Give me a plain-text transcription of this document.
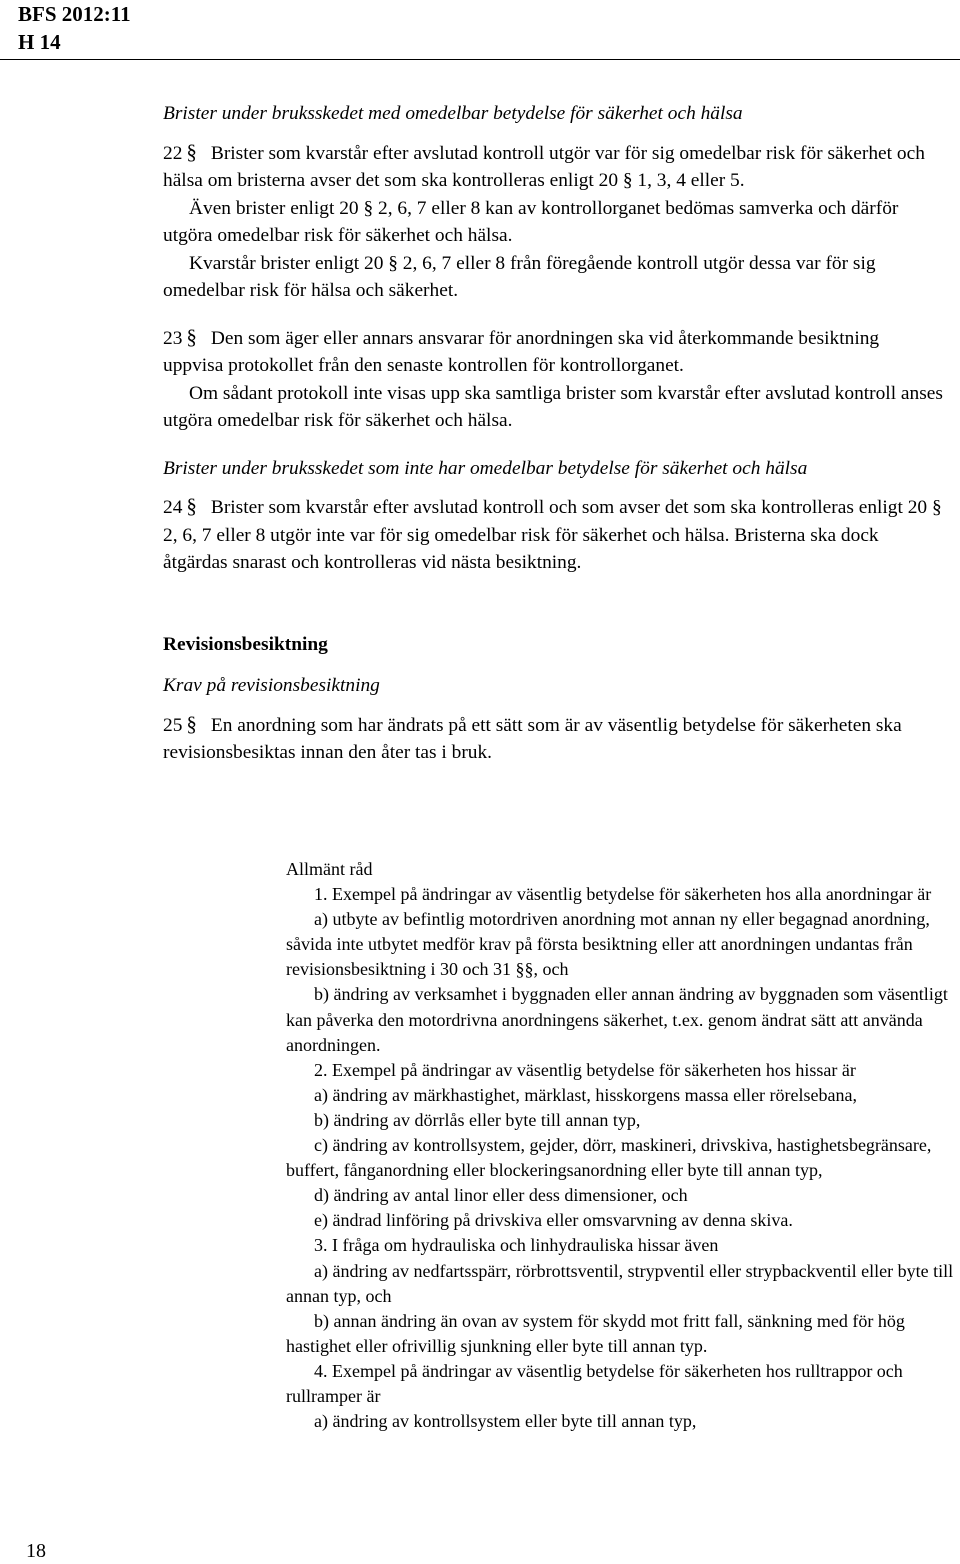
BFS 2012:11
H 14

Brister under bruksskedet med omedelbar betydelse för säkerhet och hälsa

22 § Brister som kvarstår efter avslutad kontroll utgör var för sig omedelbar risk för säkerhet och hälsa om bristerna avser det som ska kontrolleras enligt 20 § 1, 3, 4 eller 5.

Även brister enligt 20 § 2, 6, 7 eller 8 kan av kontrollorganet bedömas samverka och därför utgöra omedelbar risk för säkerhet och hälsa.

Kvarstår brister enligt 20 § 2, 6, 7 eller 8 från föregående kontroll utgör dessa var för sig omedelbar risk för hälsa och säkerhet.

23 § Den som äger eller annars ansvarar för anordningen ska vid återkommande besiktning uppvisa protokollet från den senaste kontrollen för kontrollorganet.

Om sådant protokoll inte visas upp ska samtliga brister som kvarstår efter avslutad kontroll anses utgöra omedelbar risk för säkerhet och hälsa.

Brister under bruksskedet som inte har omedelbar betydelse för säkerhet och hälsa

24 § Brister som kvarstår efter avslutad kontroll och som avser det som ska kontrolleras enligt 20 § 2, 6, 7 eller 8 utgör inte var för sig omedelbar risk för säkerhet och hälsa. Bristerna ska dock åtgärdas snarast och kontrolleras vid nästa besiktning.

Revisionsbesiktning

Krav på revisionsbesiktning

25 § En anordning som har ändrats på ett sätt som är av väsentlig betydelse för säkerheten ska revisionsbesiktas innan den åter tas i bruk.

Allmänt råd

1. Exempel på ändringar av väsentlig betydelse för säkerheten hos alla anordningar är

a) utbyte av befintlig motordriven anordning mot annan ny eller begagnad anordning, såvida inte utbytet medför krav på första besiktning eller att anordningen undantas från revisionsbesiktning i 30 och 31 §§, och

b) ändring av verksamhet i byggnaden eller annan ändring av byggnaden som väsentligt kan påverka den motordrivna anordningens säkerhet, t.ex. genom ändrat sätt att använda anordningen.

2. Exempel på ändringar av väsentlig betydelse för säkerheten hos hissar är

a) ändring av märkhastighet, märklast, hisskorgens massa eller rörelsebana,

b) ändring av dörrlås eller byte till annan typ,

c) ändring av kontrollsystem, gejder, dörr, maskineri, drivskiva, hastighetsbegränsare, buffert, fånganordning eller blockeringsanordning eller byte till annan typ,

d) ändring av antal linor eller dess dimensioner, och

e) ändrad linföring på drivskiva eller omsvarvning av denna skiva.

3. I fråga om hydrauliska och linhydrauliska hissar även

a) ändring av nedfartsspärr, rörbrottsventil, strypventil eller strypbackventil eller byte till annan typ, och

b) annan ändring än ovan av system för skydd mot fritt fall, sänkning med för hög hastighet eller ofrivillig sjunkning eller byte till annan typ.

4. Exempel på ändringar av väsentlig betydelse för säkerheten hos rulltrappor och rullramper är

a) ändring av kontrollsystem eller byte till annan typ,

18
